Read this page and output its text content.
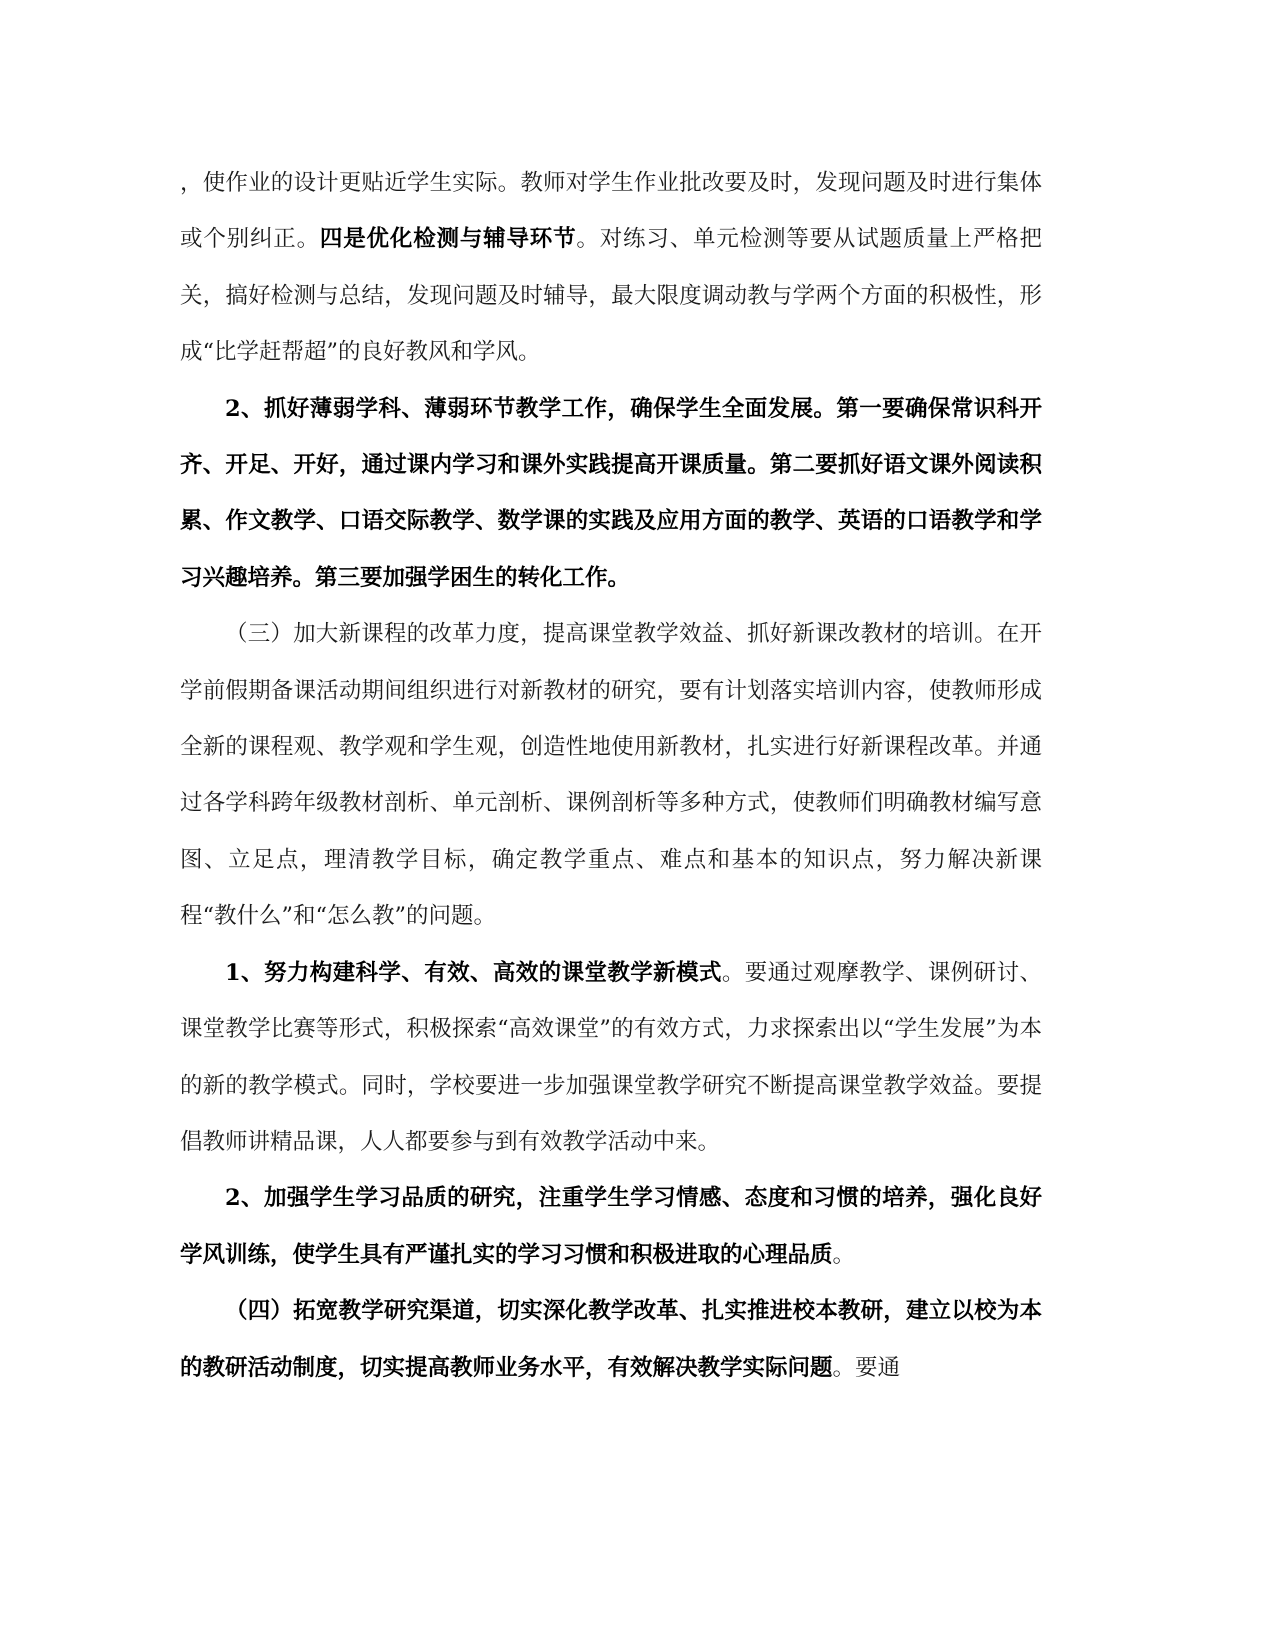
，使作业的设计更贴近学生实际。教师对学生作业批改要及时，发现问题及时进行集体或个别纠正。四是优化检测与辅导环节。对练习、单元检测等要从试题质量上严格把关，搞好检测与总结，发现问题及时辅导，最大限度调动教与学两个方面的积极性，形成“比学赶帮超”的良好教风和学风。

2、抓好薄弱学科、薄弱环节教学工作，确保学生全面发展。第一要确保常识科开齐、开足、开好，通过课内学习和课外实践提高开课质量。第二要抓好语文课外阅读积累、作文教学、口语交际教学、数学课的实践及应用方面的教学、英语的口语教学和学习兴趣培养。第三要加强学困生的转化工作。

（三）加大新课程的改革力度，提高课堂教学效益、抓好新课改教材的培训。在开学前假期备课活动期间组织进行对新教材的研究，要有计划落实培训内容，使教师形成全新的课程观、教学观和学生观，创造性地使用新教材，扎实进行好新课程改革。并通过各学科跨年级教材剖析、单元剖析、课例剖析等多种方式，使教师们明确教材编写意图、立足点，理清教学目标，确定教学重点、难点和基本的知识点，努力解决新课程“教什么”和“怎么教”的问题。

1、努力构建科学、有效、高效的课堂教学新模式。要通过观摩教学、课例研讨、课堂教学比赛等形式，积极探索“高效课堂”的有效方式，力求探索出以“学生发展”为本的新的教学模式。同时，学校要进一步加强课堂教学研究不断提高课堂教学效益。要提倡教师讲精品课，人人都要参与到有效教学活动中来。

2、加强学生学习品质的研究，注重学生学习情感、态度和习惯的培养，强化良好学风训练，使学生具有严谨扎实的学习习惯和积极进取的心理品质。

（四）拓宽教学研究渠道，切实深化教学改革、扎实推进校本教研，建立以校为本的教研活动制度，切实提高教师业务水平，有效解决教学实际问题。要通
